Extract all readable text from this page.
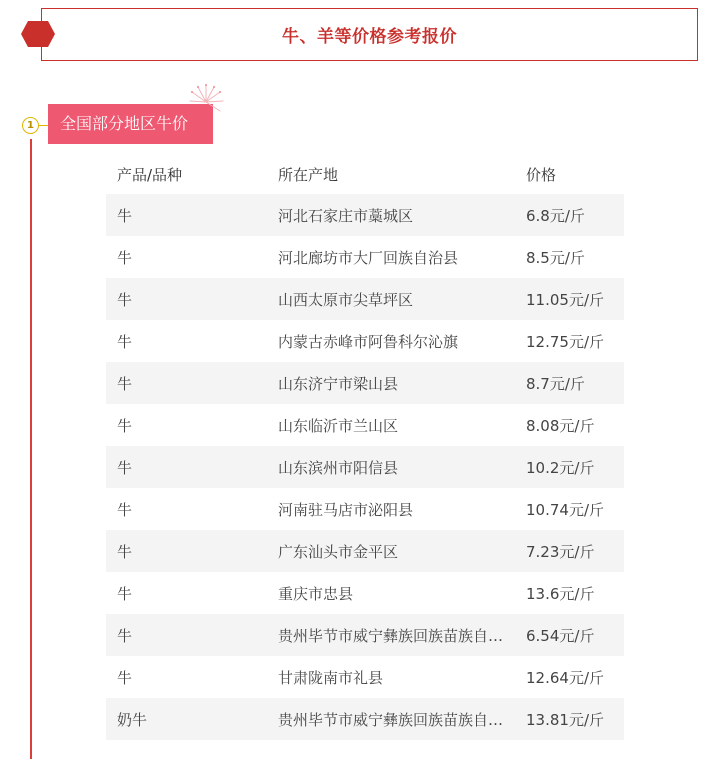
牛、羊等价格参考报价
1	全国部分地区牛价
产品/品种	所在产地	价格
牛	河北石家庄市藁城区	6.8元/斤
牛	河北廊坊市大厂回族自治县	8.5元/斤
牛	山西太原市尖草坪区	11.05元/斤
牛	内蒙古赤峰市阿鲁科尔沁旗	12.75元/斤
牛	山东济宁市梁山县	8.7元/斤
牛	山东临沂市兰山区	8.08元/斤
牛	山东滨州市阳信县	10.2元/斤
牛	河南驻马店市泌阳县	10.74元/斤
牛	广东汕头市金平区	7.23元/斤
牛	重庆市忠县	13.6元/斤
牛	贵州毕节市威宁彝族回族苗族自…	6.54元/斤
牛	甘肃陇南市礼县	12.64元/斤
奶牛	贵州毕节市威宁彝族回族苗族自…	13.81元/斤
